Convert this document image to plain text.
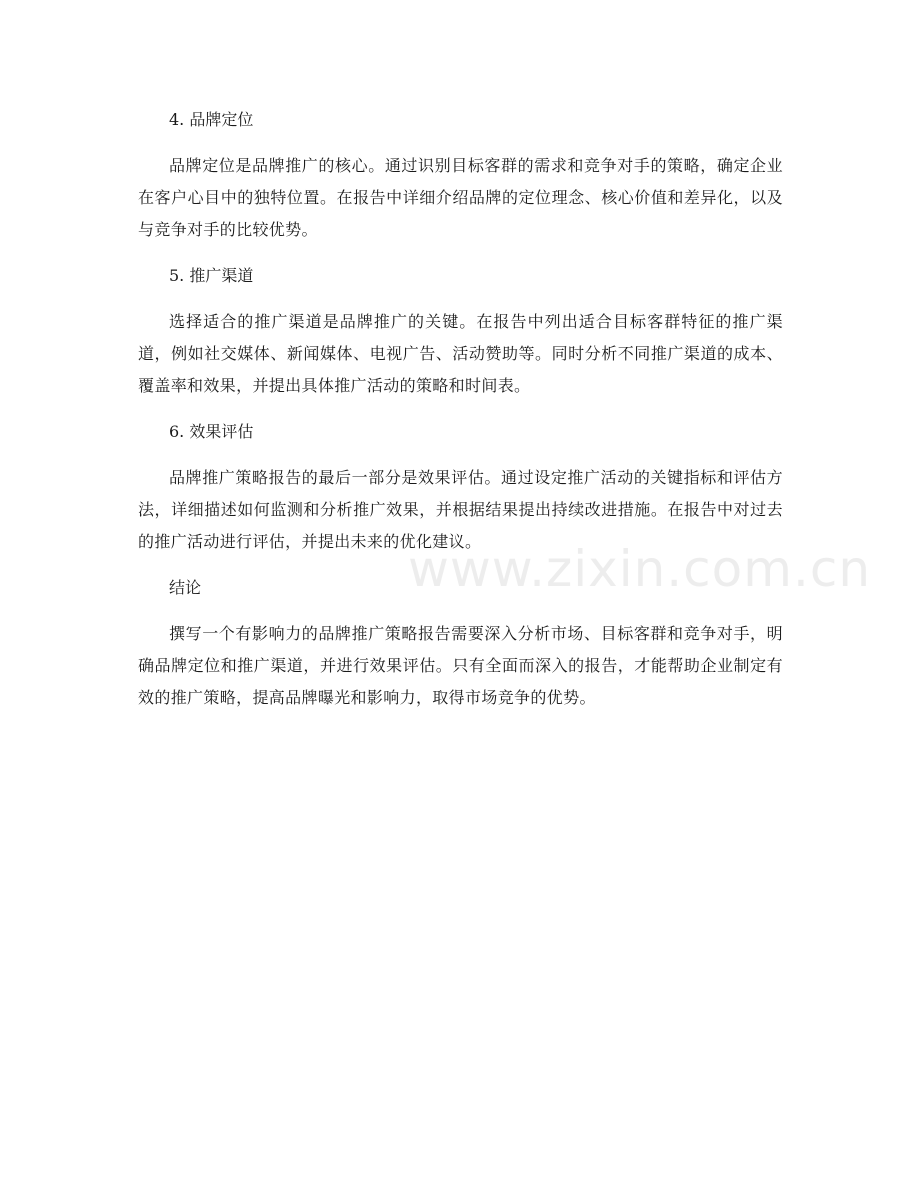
www.zixin.com.cn

4. 品牌定位

品牌定位是品牌推广的核心。通过识别目标客群的需求和竞争对手的策略，确定企业在客户心目中的独特位置。在报告中详细介绍品牌的定位理念、核心价值和差异化，以及与竞争对手的比较优势。

5. 推广渠道

选择适合的推广渠道是品牌推广的关键。在报告中列出适合目标客群特征的推广渠道，例如社交媒体、新闻媒体、电视广告、活动赞助等。同时分析不同推广渠道的成本、覆盖率和效果，并提出具体推广活动的策略和时间表。

6. 效果评估

品牌推广策略报告的最后一部分是效果评估。通过设定推广活动的关键指标和评估方法，详细描述如何监测和分析推广效果，并根据结果提出持续改进措施。在报告中对过去的推广活动进行评估，并提出未来的优化建议。

结论

撰写一个有影响力的品牌推广策略报告需要深入分析市场、目标客群和竞争对手，明确品牌定位和推广渠道，并进行效果评估。只有全面而深入的报告，才能帮助企业制定有效的推广策略，提高品牌曝光和影响力，取得市场竞争的优势。
